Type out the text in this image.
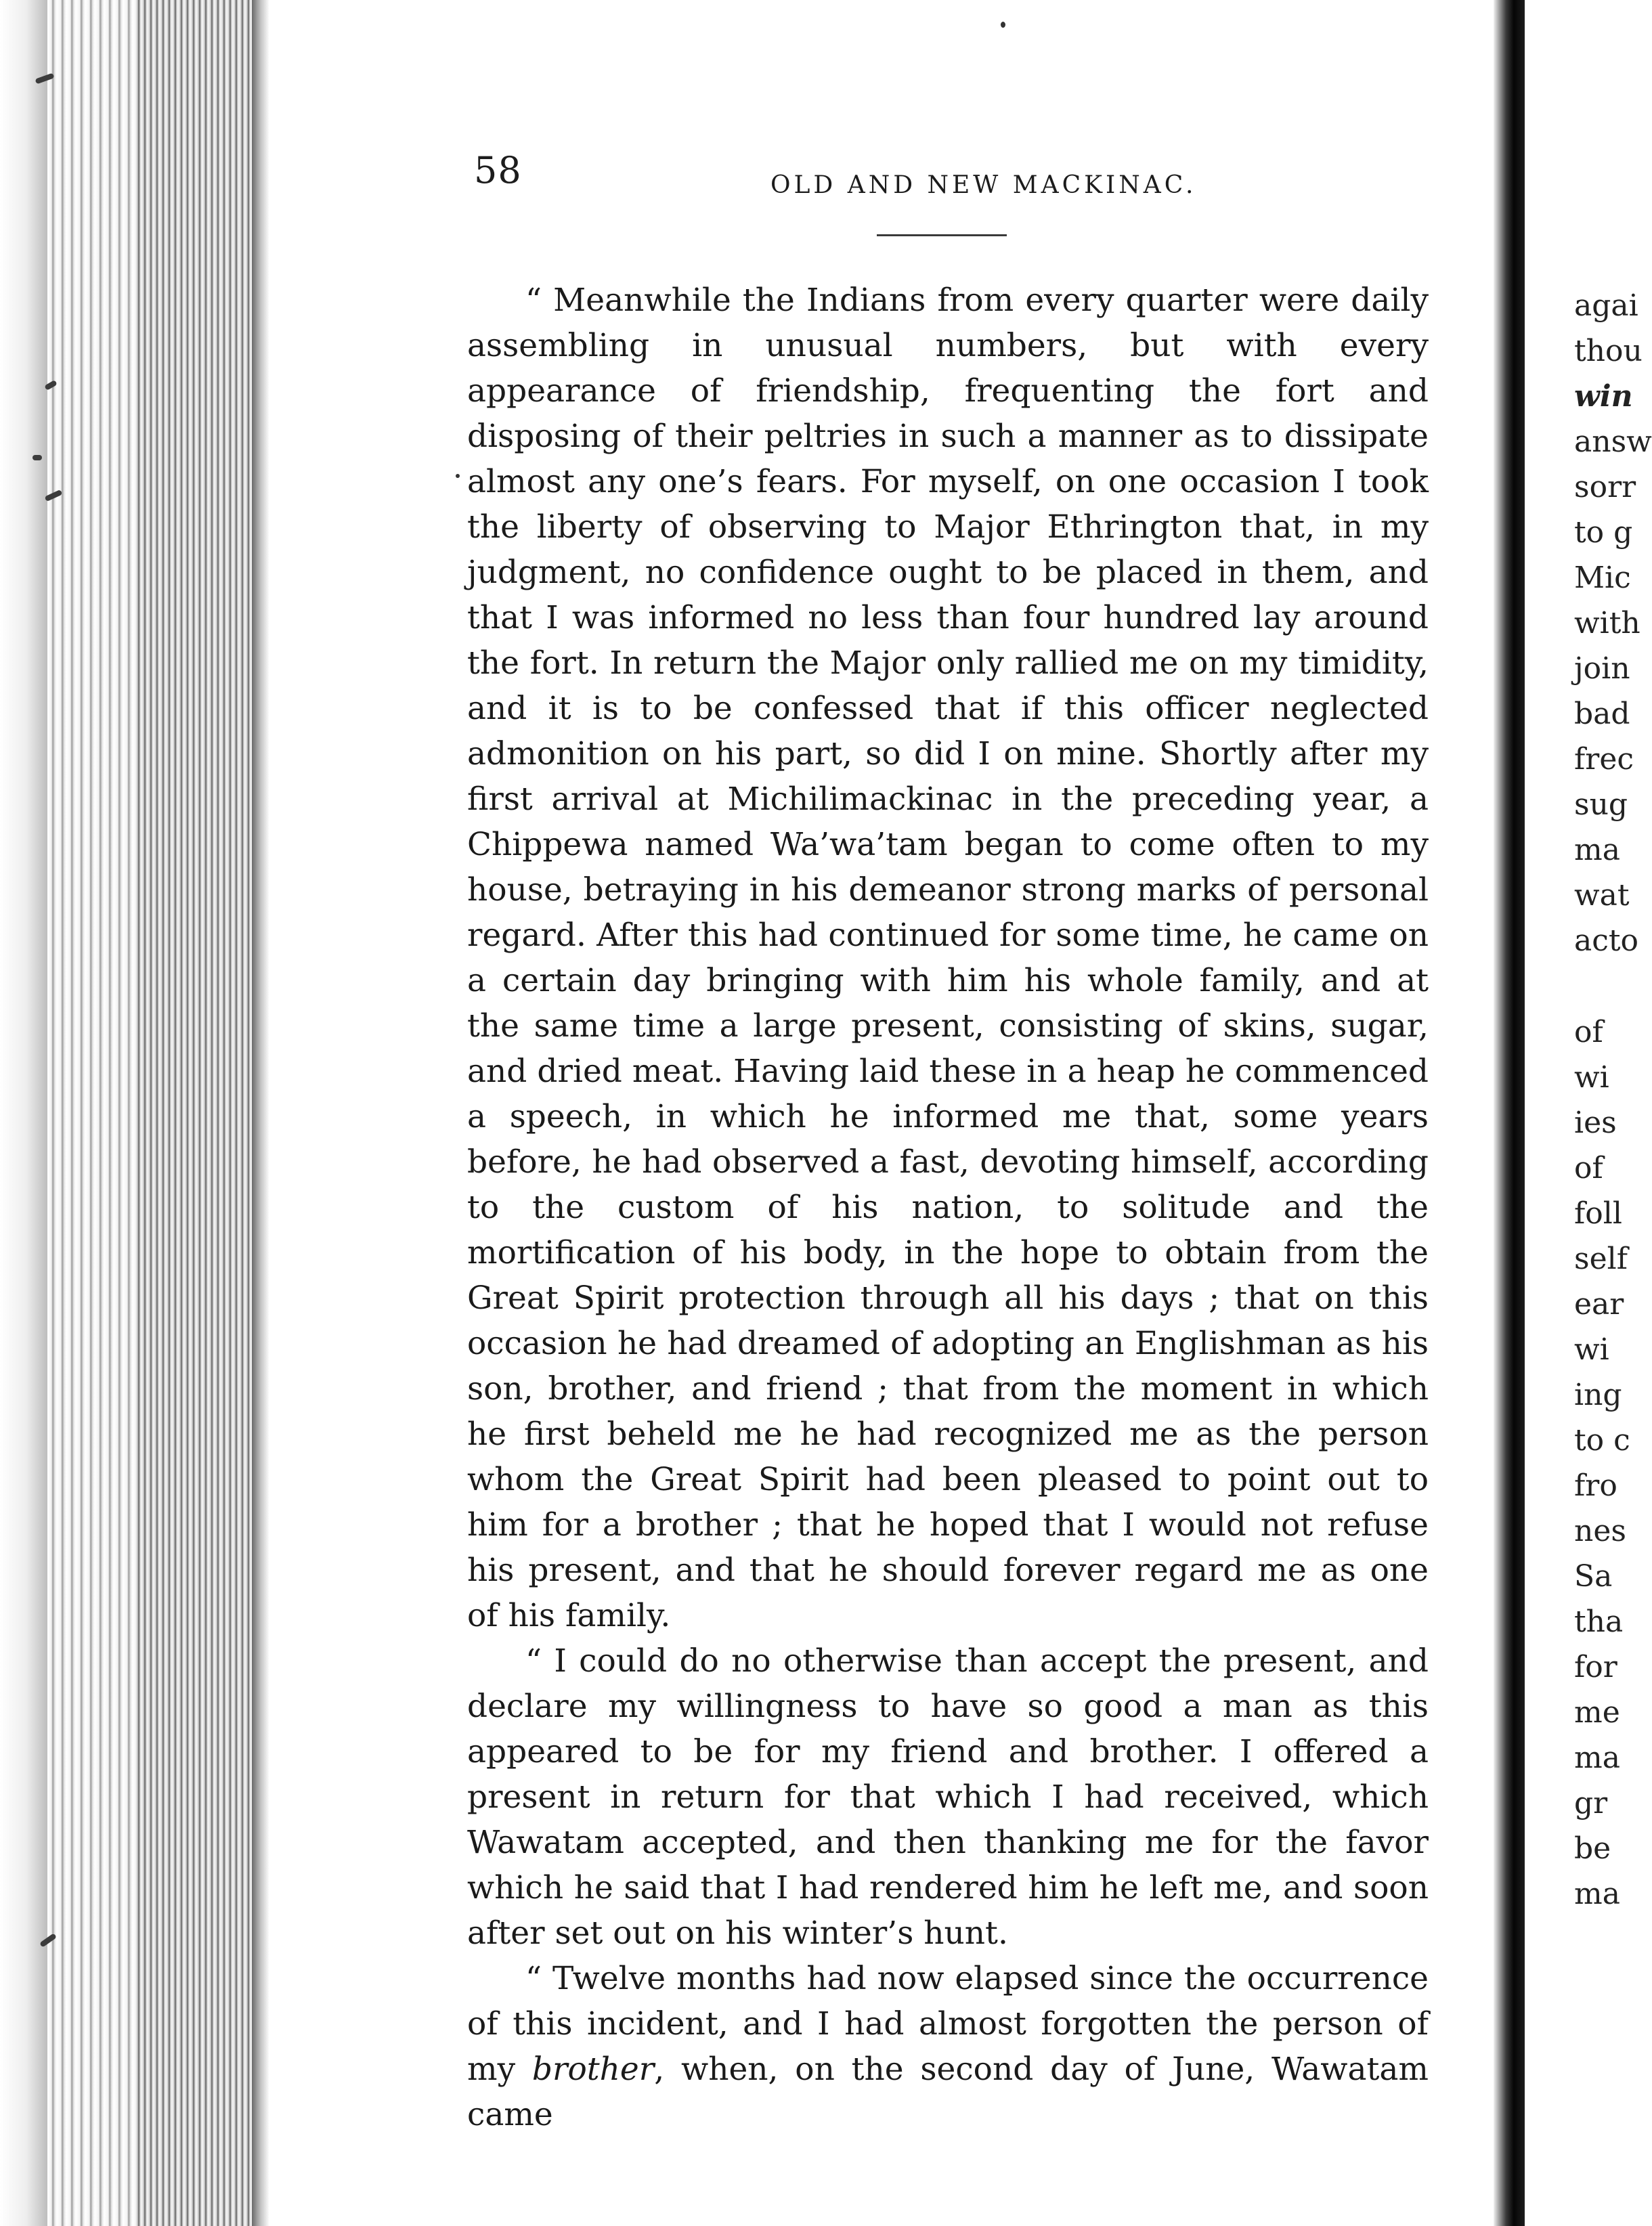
58	OLD AND NEW MACKINAC.

“ Meanwhile the Indians from every quarter were daily assembling in unusual numbers, but with every appearance of friendship, frequenting the fort and disposing of their peltries in such a manner as to dissipate almost any one’s fears. For myself, on one occasion I took the liberty of observing to Major Ethrington that, in my judgment, no confidence ought to be placed in them, and that I was informed no less than four hundred lay around the fort. In return the Major only rallied me on my timidity, and it is to be confessed that if this officer neglected admonition on his part, so did I on mine. Shortly after my first arrival at Michilimackinac in the preceding year, a Chippewa named Wa’wa’tam began to come often to my house, betraying in his demeanor strong marks of personal regard. After this had continued for some time, he came on a certain day bringing with him his whole family, and at the same time a large present, consisting of skins, sugar, and dried meat. Having laid these in a heap he commenced a speech, in which he informed me that, some years before, he had observed a fast, devoting himself, according to the custom of his nation, to solitude and the mortification of his body, in the hope to obtain from the Great Spirit protection through all his days ; that on this occasion he had dreamed of adopting an Englishman as his son, brother, and friend ; that from the moment in which he first beheld me he had recognized me as the person whom the Great Spirit had been pleased to point out to him for a brother ; that he hoped that I would not refuse his present, and that he should forever regard me as one of his family.

“ I could do no otherwise than accept the present, and declare my willingness to have so good a man as this appeared to be for my friend and brother. I offered a present in return for that which I had received, which Wawatam accepted, and then thanking me for the favor which he said that I had rendered him he left me, and soon after set out on his winter’s hunt.

“ Twelve months had now elapsed since the occurrence of this incident, and I had almost forgotten the person of my brother, when, on the second day of June, Wawatam came

agai
thou
win
answ
sorr
to g
Mic
with
join
bad
frec
sug
ma
wat
acto
of
wi
ies
of
foll
self
ear
wi
ing
to c
fro
nes
Sa
tha
for
me
ma
gr
be
ma
